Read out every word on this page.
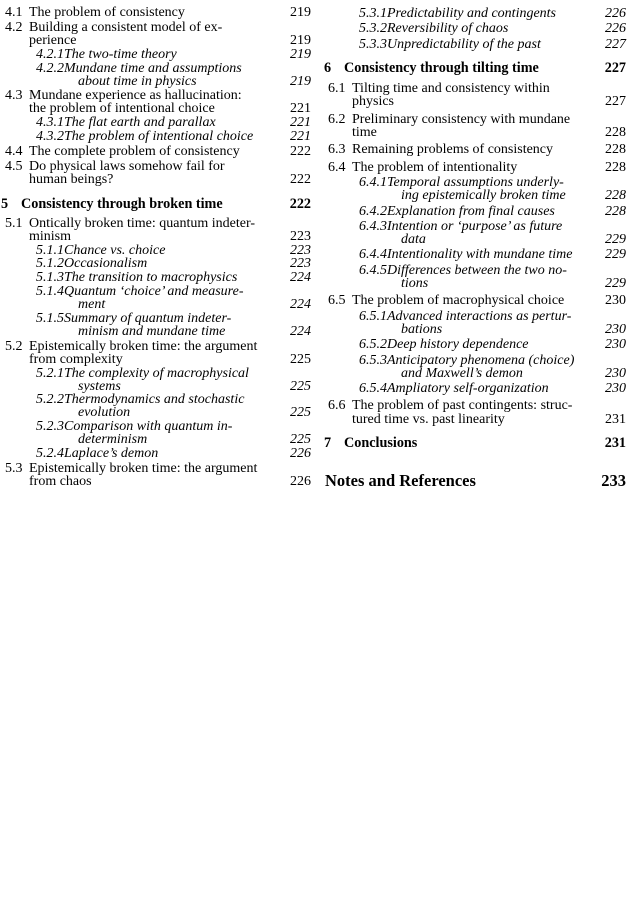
4.1 The problem of consistency	219
4.2 Building a consistent model of ex-
perience	219
4.2.1The two-time theory	219
4.2.2Mundane time and assumptions
about time in physics	219
4.3 Mundane experience as hallucination:
the problem of intentional choice	221
4.3.1The flat earth and parallax	221
4.3.2The problem of intentional choice	221
4.4 The complete problem of consistency	222
4.5 Do physical laws somehow fail for
human beings?	222
5 Consistency through broken time	222
5.1 Ontically broken time: quantum indeter-
minism	223
5.1.1Chance vs. choice	223
5.1.2Occasionalism	223
5.1.3The transition to macrophysics	224
5.1.4Quantum ‘choice’ and measure-
ment	224
5.1.5Summary of quantum indeter-
minism and mundane time	224
5.2 Epistemically broken time: the argument
from complexity	225
5.2.1The complexity of macrophysical
systems	225
5.2.2Thermodynamics and stochastic
evolution	225
5.2.3Comparison with quantum in-
determinism	225
5.2.4Laplace’s demon	226
5.3 Epistemically broken time: the argument
from chaos	226
5.3.1Predictability and contingents	226
5.3.2Reversibility of chaos	226
5.3.3Unpredictability of the past	227
6 Consistency through tilting time	227
6.1 Tilting time and consistency within
physics	227
6.2 Preliminary consistency with mundane
time	228
6.3 Remaining problems of consistency	228
6.4 The problem of intentionality	228
6.4.1Temporal assumptions underly-
ing epistemically broken time	228
6.4.2Explanation from final causes	228
6.4.3Intention or ‘purpose’ as future
data	229
6.4.4Intentionality with mundane time 229
6.4.5Differences between the two no-
tions	229
6.5 The problem of macrophysical choice	230
6.5.1Advanced interactions as pertur-
bations	230
6.5.2Deep history dependence	230
6.5.3Anticipatory phenomena (choice)
and Maxwell’s demon	230
6.5.4Ampliatory self-organization	230
6.6 The problem of past contingents: struc-
tured time vs. past linearity	231
7 Conclusions	231
Notes and References	233
